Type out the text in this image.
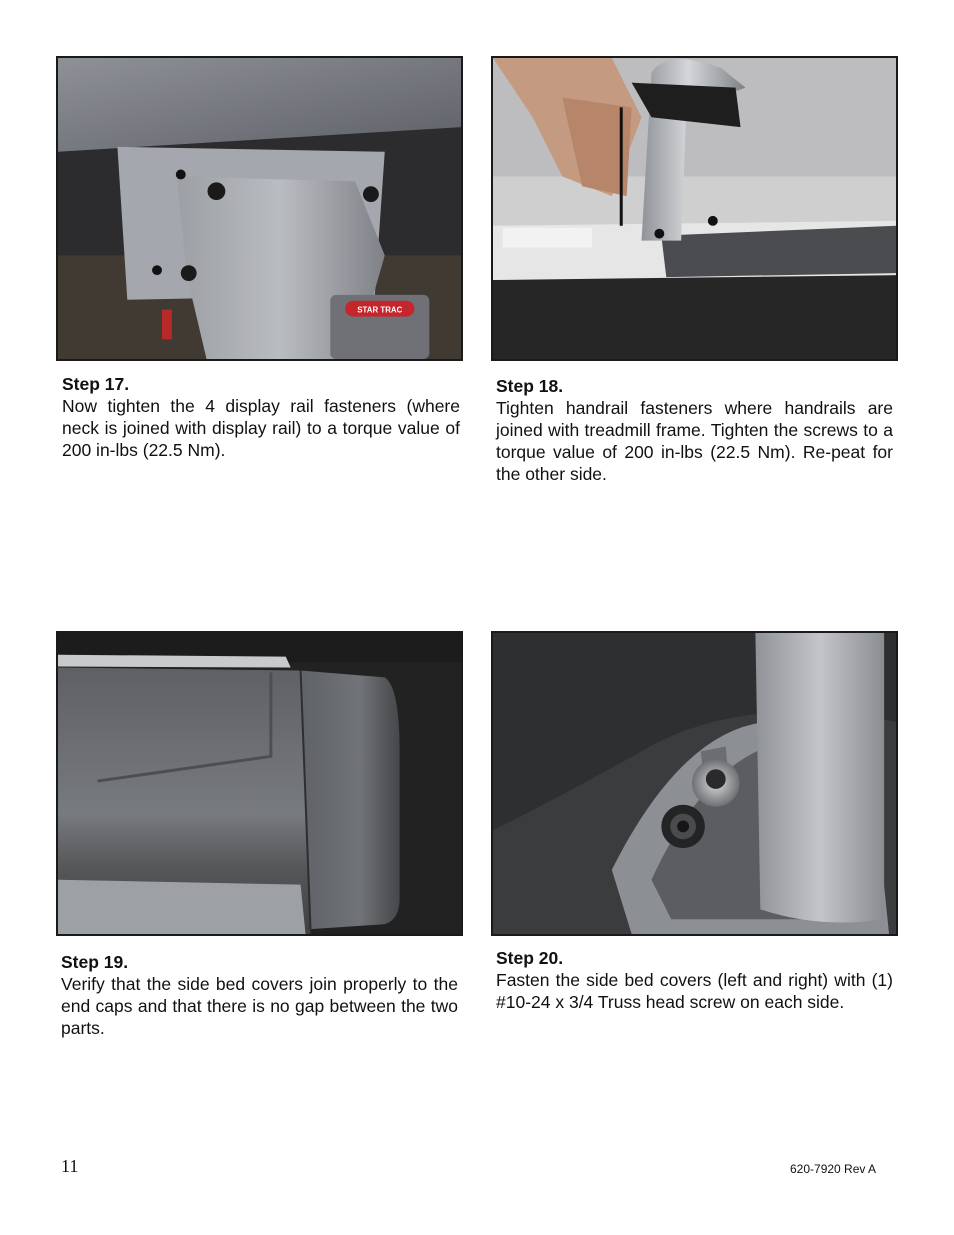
STAR TRAC
Step 17.
Now tighten the 4 display rail fasteners (where neck is joined with display rail) to a torque value of 200 in-lbs (22.5 Nm).
Step 18.
Tighten handrail fasteners where handrails are joined with treadmill frame. Tighten the screws to a torque value of 200 in-lbs (22.5 Nm). Re-peat for the other side.
Step 19.
Verify that the side bed covers join properly to the end caps and that there is no gap between the two parts.
Step 20.
Fasten the side bed covers (left and right) with (1) #10-24 x 3/4 Truss head screw on each side.
11	620-7920 Rev A
